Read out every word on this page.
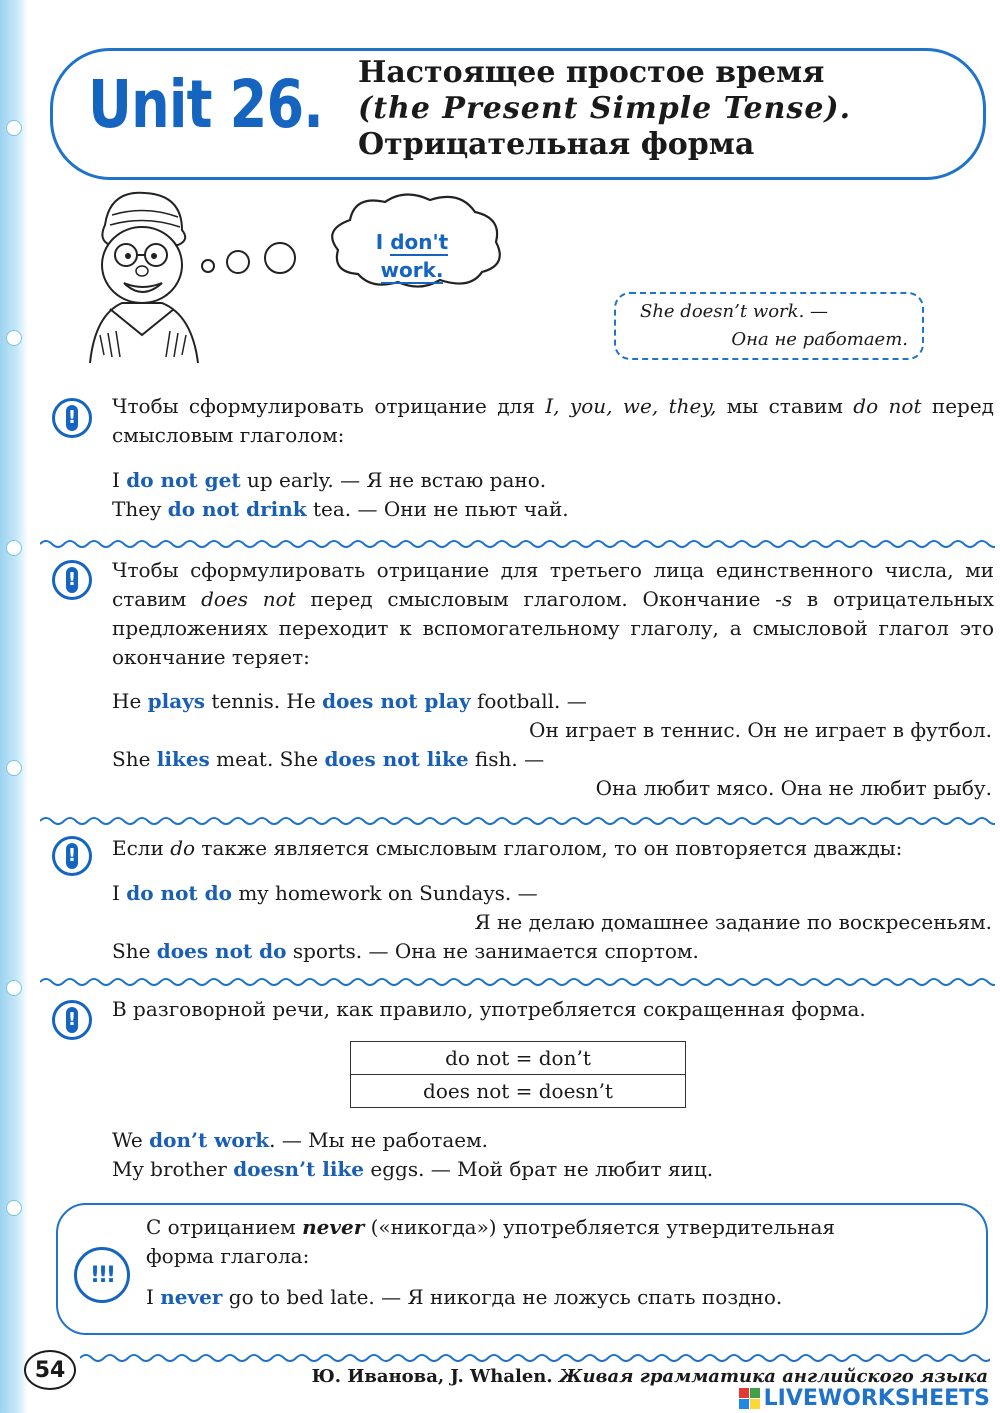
Unit 26. Настоящее простое время
(the Present Simple Tense).
Отрицательная форма
I don't
work.
She doesn’t work. —
Она не работает.
! Чтобы сформулировать отрицание для I, you, we, they, мы ставим do not перед смысловым глаголом:
I do not get up early. — Я не встаю рано.
They do not drink tea. — Они не пьют чай.
! Чтобы сформулировать отрицание для третьего лица единственного числа, ми ставим does not перед смысловым глаголом. Окончание -s в отрицательных предложениях переходит к вспомогательному глаголу, а смысловой глагол это окончание теряет:
He plays tennis. He does not play football. —
Он играет в теннис. Он не играет в футбол.
She likes meat. She does not like fish. —
Она любит мясо. Она не любит рыбу.
! Если do также является смысловым глаголом, то он повторяется дважды:
I do not do my homework on Sundays. —
Я не делаю домашнее задание по воскресеньям.
She does not do sports. — Она не занимается спортом.
! В разговорной речи, как правило, употребляется сокращенная форма.
do not = don’t
does not = doesn’t
We don’t work. — Мы не работаем.
My brother doesn’t like eggs. — Мой брат не любит яиц.
!!!
С отрицанием never («никогда») употребляется утвердительная
форма глагола:
I never go to bed late. — Я никогда не ложусь спать поздно.
54	Ю. Иванова, J. Whalen. Живая грамматика английского языка
LIVEWORKSHEETS
